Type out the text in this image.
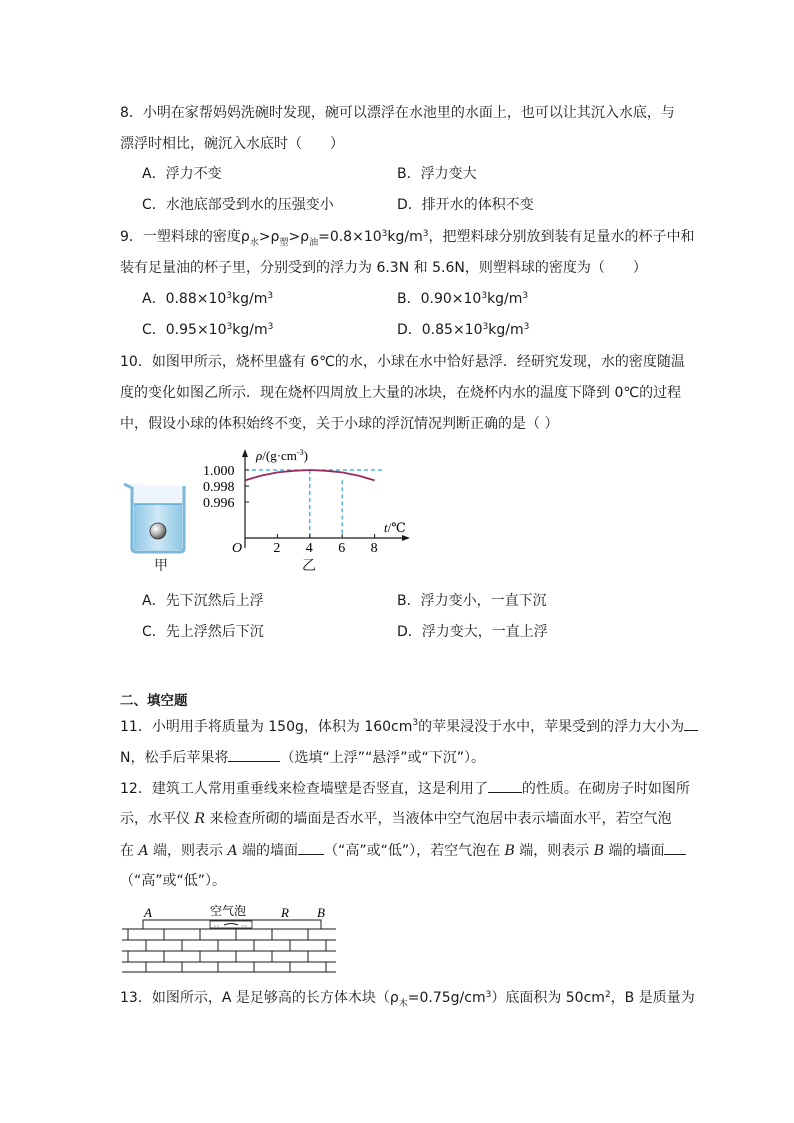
8．小明在家帮妈妈洗碗时发现，碗可以漂浮在水池里的水面上，也可以让其沉入水底，与
漂浮时相比，碗沉入水底时（　　）
A．浮力不变	B．浮力变大
C．水池底部受到水的压强变小	D．排开水的体积不变
9．一塑料球的密度$\rho_水>\rho_塑>\rho_油=0.8\times 10^3kg/m^3$，把塑料球分别放到装有足量水的杯子中和
装有足量油的杯子里，分别受到的浮力为 6.3N 和 5.6N，则塑料球的密度为（　　）
A．$0.88\times 10^3kg/m^3$	B．$0.90\times 10^3kg/m^3$
C．$0.95\times 10^3kg/m^3$	D．$0.85\times 10^3kg/m^3$
10．如图甲所示，烧杯里盛有 6℃的水，小球在水中恰好悬浮．经研究发现，水的密度随温
度的变化如图乙所示．现在烧杯四周放上大量的冰块，在烧杯内水的温度下降到 0℃的过程
中，假设小球的体积始终不变，关于小球的浮沉情况判断正确的是（ ）
甲
1.000
0.998
0.996
2 4 6 8
$\rho/(g\cdot cm^{-3})$
t/℃
O
乙
A．先下沉然后上浮	B．浮力变小，一直下沉
C．先上浮然后下沉	D．浮力变大，一直上浮
二、填空题
11．小明用手将质量为 150g，体积为 $160cm^3$的苹果浸没于水中，苹果受到的浮力大小为
N，松手后苹果将	（选填“上浮”“悬浮”或“下沉”）。
12．建筑工人常用重垂线来检查墙壁是否竖直，这是利用了 的性质。在砌房子时如图所
示，水平仪 R 来检查所砌的墙面是否水平，当液体中空气泡居中表示墙面水平，若空气泡
在 A 端，则表示 A 端的墙面 （“高”或“低”），若空气泡在 B 端，则表示 B 端的墙面
（“高”或“低”）。
A	空气泡	R B
13．如图所示，A 是足够高的长方体木块$(\rho_木=0.75g/cm^3)$底面积为 $50cm^2$，B 是质量为
